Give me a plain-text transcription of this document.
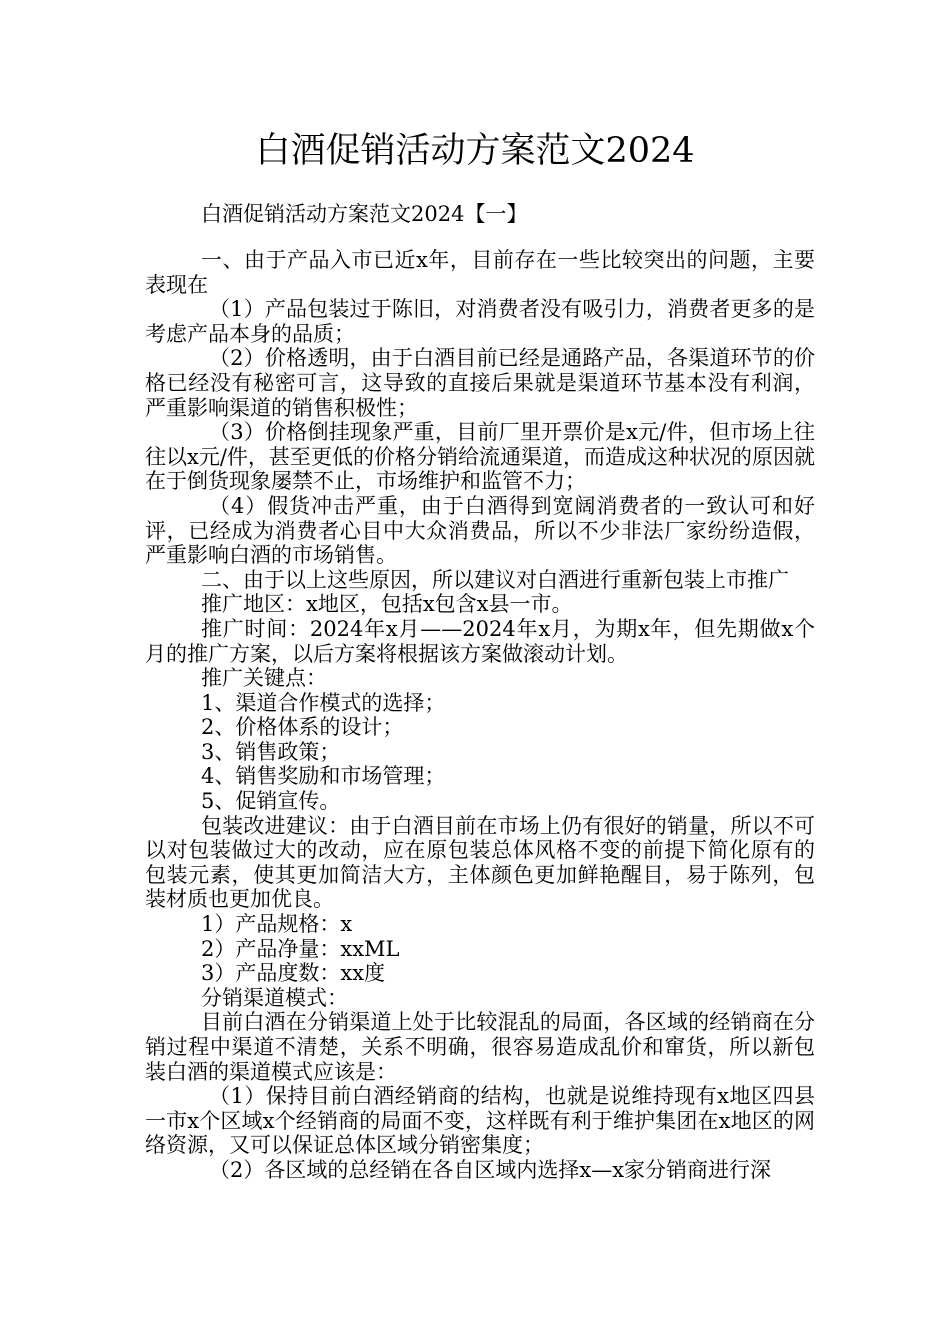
白酒促销活动方案范文2024
白酒促销活动方案范文2024【一】

一、由于产品入市已近x年，目前存在一些比较突出的问题，主要表现在

（1）产品包装过于陈旧，对消费者没有吸引力，消费者更多的是考虑产品本身的品质；

（2）价格透明，由于白酒目前已经是通路产品，各渠道环节的价格已经没有秘密可言，这导致的直接后果就是渠道环节基本没有利润，严重影响渠道的销售积极性；

（3）价格倒挂现象严重，目前厂里开票价是x元/件，但市场上往往以x元/件，甚至更低的价格分销给流通渠道，而造成这种状况的原因就在于倒货现象屡禁不止，市场维护和监管不力；

（4）假货冲击严重，由于白酒得到宽阔消费者的一致认可和好评，已经成为消费者心目中大众消费品，所以不少非法厂家纷纷造假，严重影响白酒的市场销售。

二、由于以上这些原因，所以建议对白酒进行重新包装上市推广

推广地区：x地区，包括x包含x县一市。

推广时间：2024年x月——2024年x月，为期x年，但先期做x个月的推广方案，以后方案将根据该方案做滚动计划。

推广关键点：

1、渠道合作模式的选择；

2、价格体系的设计；

3、销售政策；

4、销售奖励和市场管理；

5、促销宣传。

包装改进建议：由于白酒目前在市场上仍有很好的销量，所以不可以对包装做过大的改动，应在原包装总体风格不变的前提下简化原有的包装元素，使其更加简洁大方，主体颜色更加鲜艳醒目，易于陈列，包装材质也更加优良。

1）产品规格：x

2）产品净量：xxML

3）产品度数：xx度

分销渠道模式：

目前白酒在分销渠道上处于比较混乱的局面，各区域的经销商在分销过程中渠道不清楚，关系不明确，很容易造成乱价和窜货，所以新包装白酒的渠道模式应该是：

（1）保持目前白酒经销商的结构，也就是说维持现有x地区四县一市x个区域x个经销商的局面不变，这样既有利于维护集团在x地区的网络资源，又可以保证总体区域分销密集度；

（2）各区域的总经销在各自区域内选择x—x家分销商进行深
